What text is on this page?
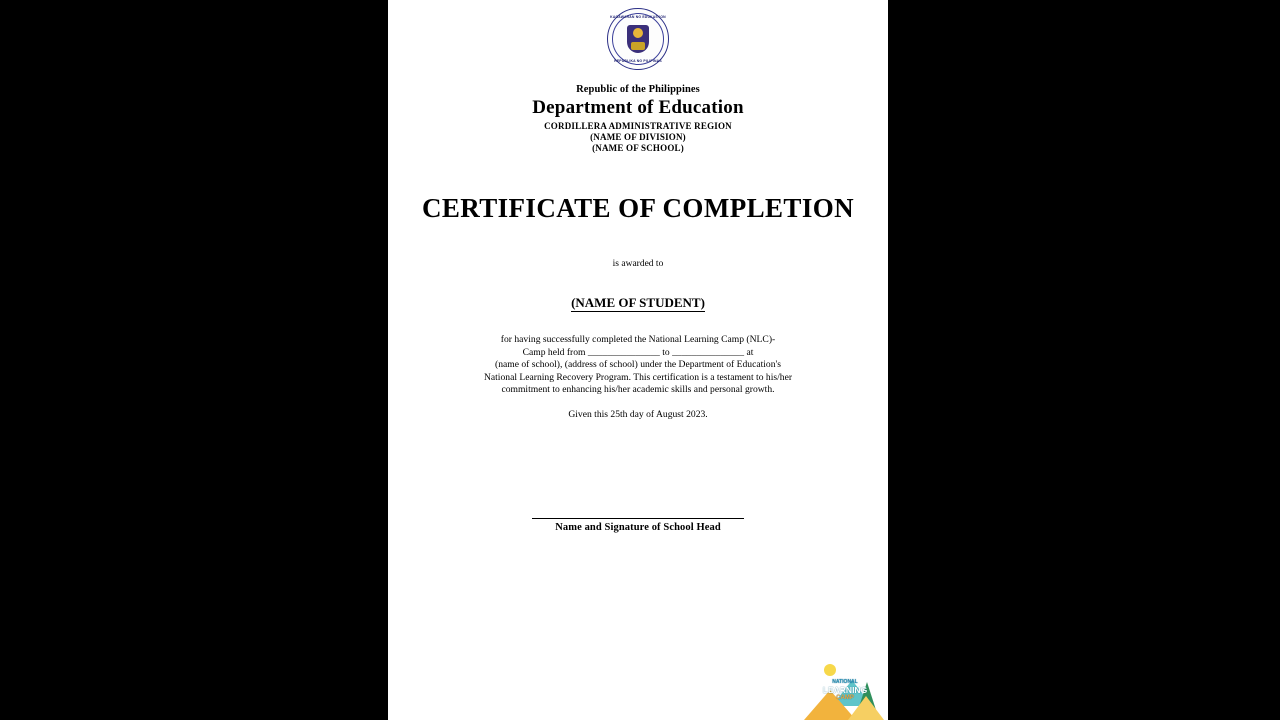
KAGAWARAN NG EDUKASYON
REPUBLIKA NG PILIPINAS
Republic of the Philippines
Department of Education
CORDILLERA ADMINISTRATIVE REGION
(NAME OF DIVISION)
(NAME OF SCHOOL)
CERTIFICATE OF COMPLETION
is awarded to
(NAME OF STUDENT)
for having successfully completed the National Learning Camp (NLC)-
Camp held from _______________ to _______________ at
(name of school), (address of school) under the Department of Education's
National Learning Recovery Program. This certification is a testament to his/her
commitment to enhancing his/her academic skills and personal growth.
Given this 25th day of August 2023.
Name and Signature of School Head
NATIONAL
LEARNING
CAMP
